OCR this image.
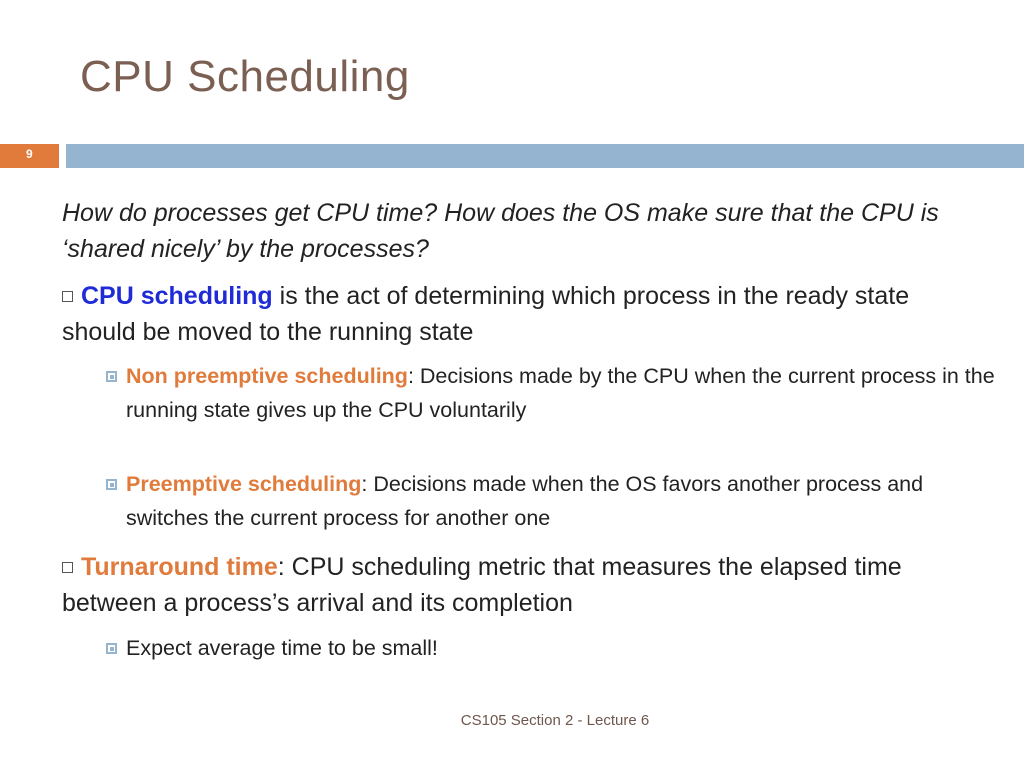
CPU Scheduling
9

How do processes get CPU time? How does the OS make sure that the CPU is ‘shared nicely’ by the processes?

CPU scheduling is the act of determining which process in the ready state should be moved to the running state

Non preemptive scheduling: Decisions made by the CPU when the current process in the running state gives up the CPU voluntarily

Preemptive scheduling: Decisions made when the OS favors another process and switches the current process for another one

Turnaround time: CPU scheduling metric that measures the elapsed time between a process’s arrival and its completion

Expect average time to be small!

CS105 Section 2 - Lecture 6
